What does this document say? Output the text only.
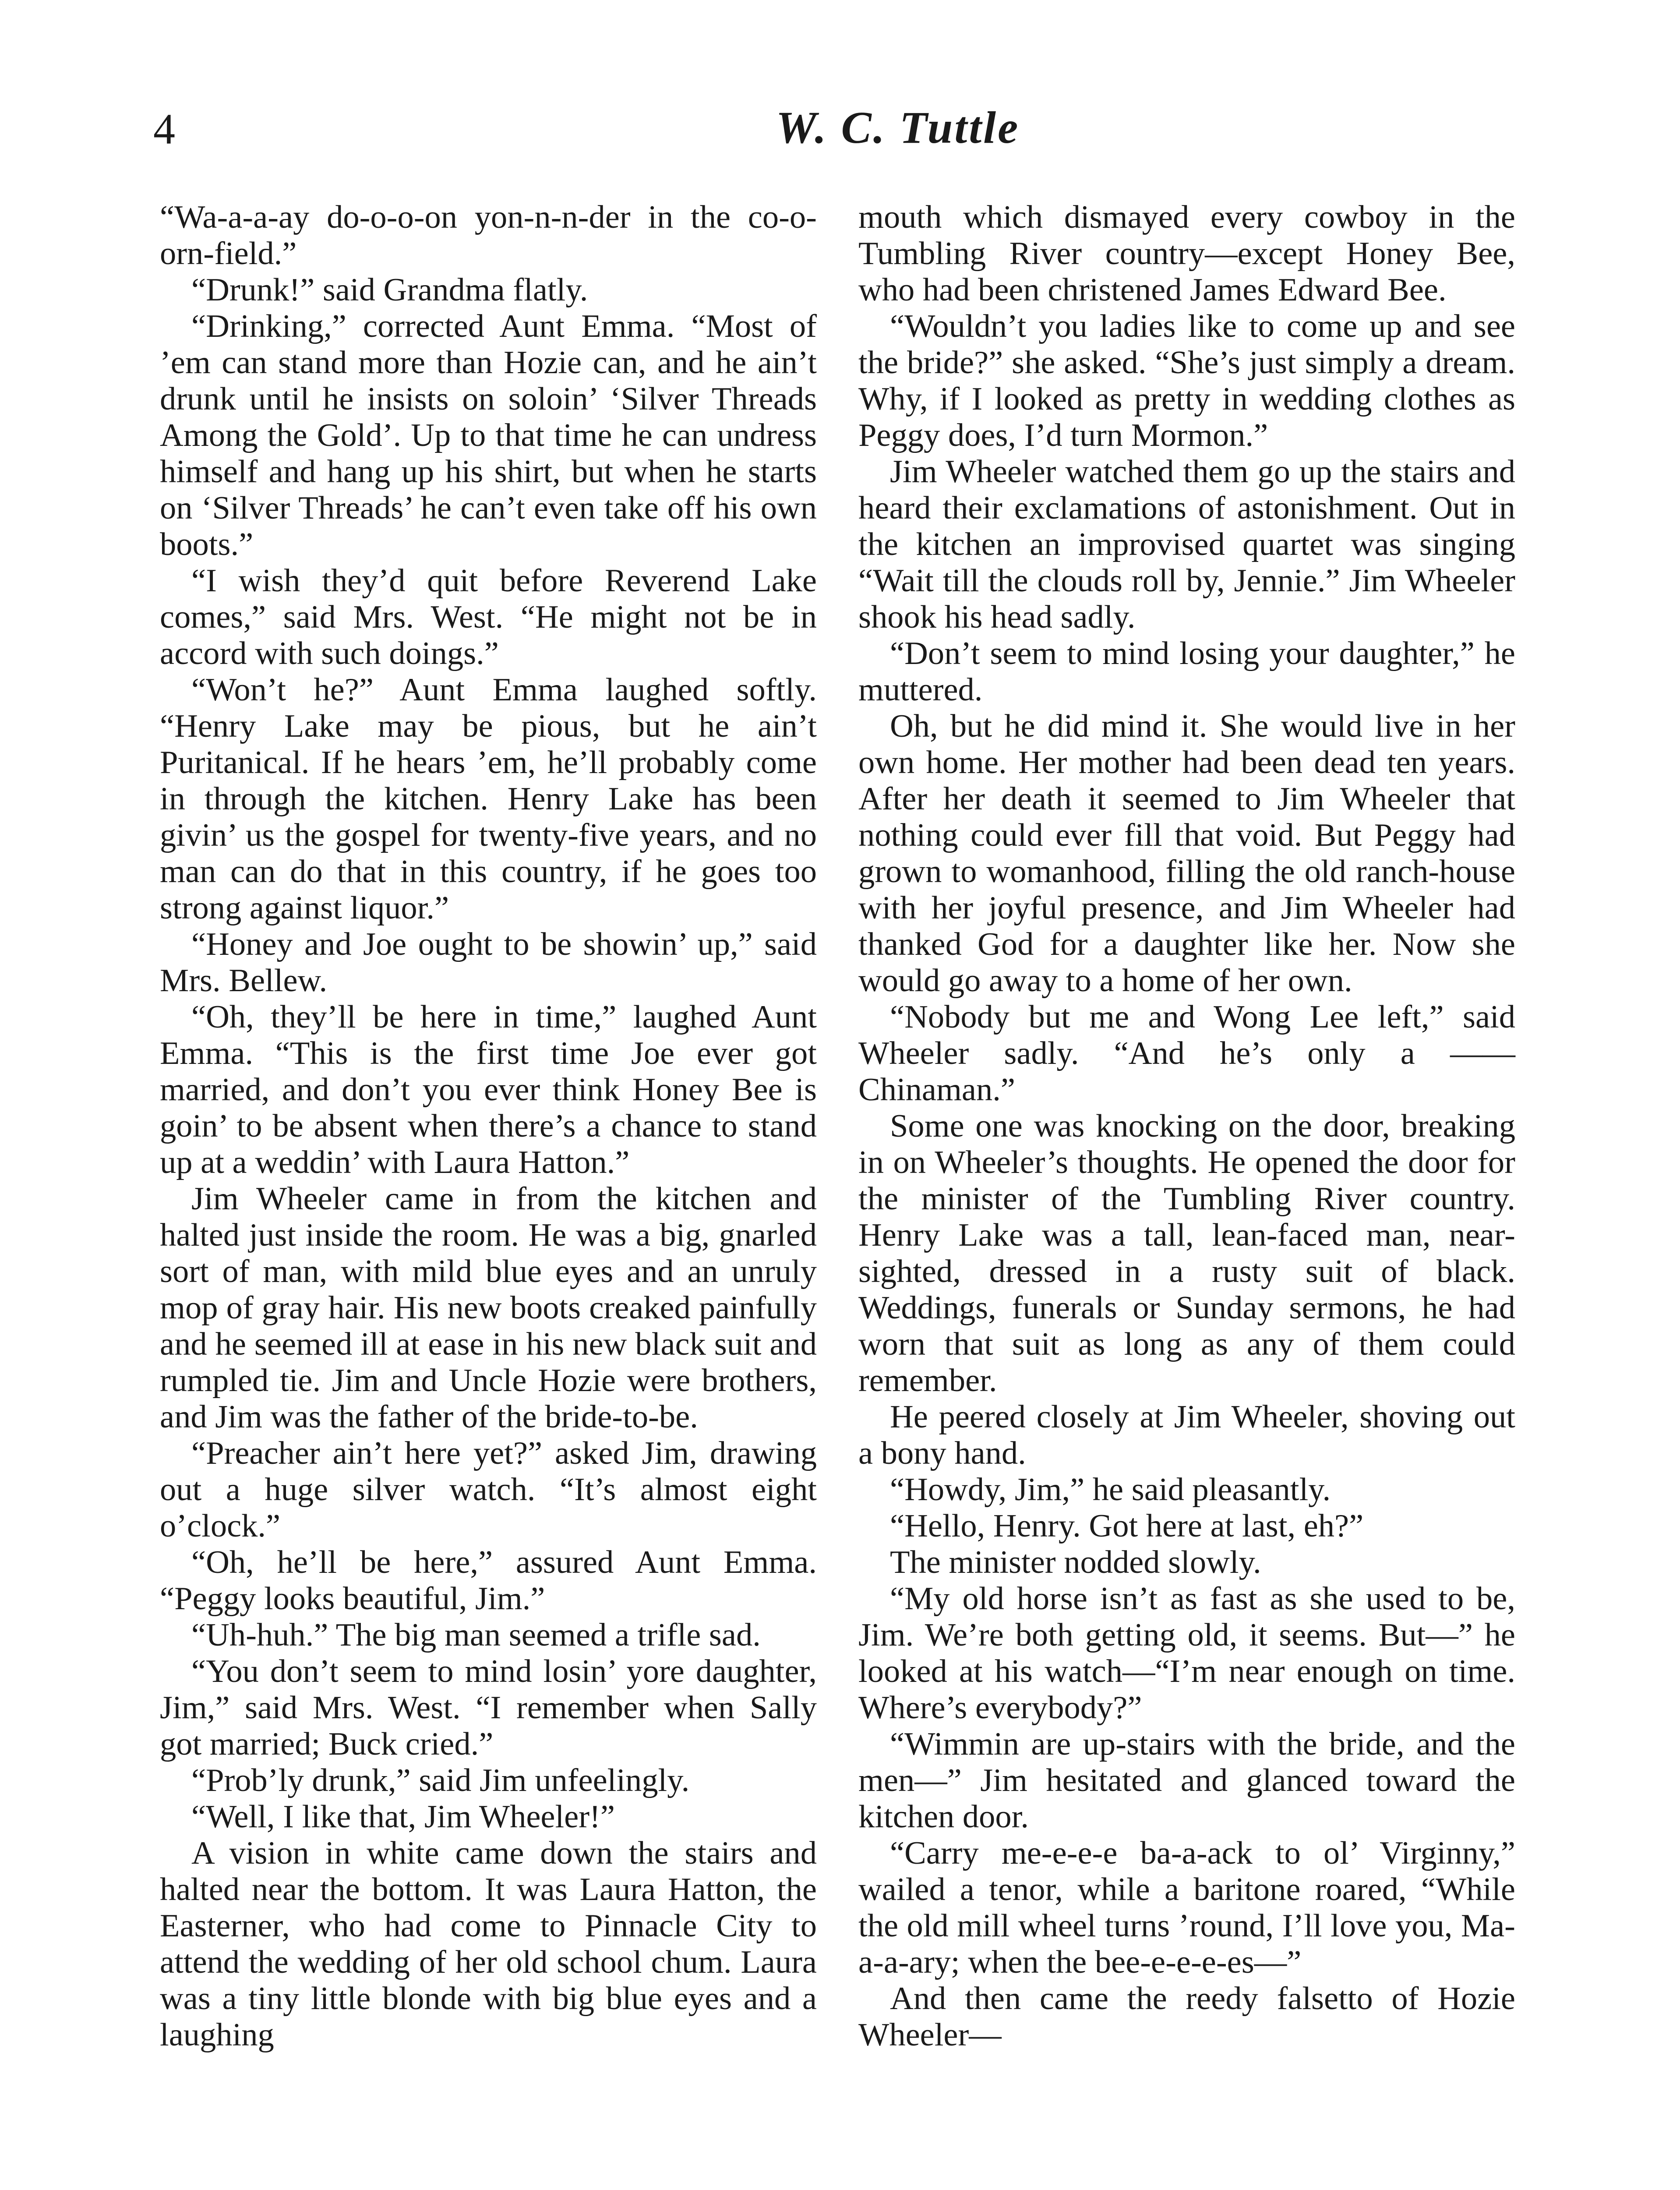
4	W. C. Tuttle

“Wa-a-a-ay do-o-o-on yon-n-n-der in the co-o-orn-field.”

“Drunk!” said Grandma flatly.

“Drinking,” corrected Aunt Emma. “Most of ’em can stand more than Hozie can, and he ain’t drunk until he insists on soloin’ ‘Silver Threads Among the Gold’. Up to that time he can undress himself and hang up his shirt, but when he starts on ‘Silver Threads’ he can’t even take off his own boots.”

“I wish they’d quit before Reverend Lake comes,” said Mrs. West. “He might not be in accord with such doings.”

“Won’t he?” Aunt Emma laughed softly. “Henry Lake may be pious, but he ain’t Puritanical. If he hears ’em, he’ll probably come in through the kitchen. Henry Lake has been givin’ us the gospel for twenty-five years, and no man can do that in this country, if he goes too strong against liquor.”

“Honey and Joe ought to be showin’ up,” said Mrs. Bellew.

“Oh, they’ll be here in time,” laughed Aunt Emma. “This is the first time Joe ever got married, and don’t you ever think Honey Bee is goin’ to be absent when there’s a chance to stand up at a weddin’ with Laura Hatton.”

Jim Wheeler came in from the kitchen and halted just inside the room. He was a big, gnarled sort of man, with mild blue eyes and an unruly mop of gray hair. His new boots creaked painfully and he seemed ill at ease in his new black suit and rumpled tie. Jim and Uncle Hozie were brothers, and Jim was the father of the bride-to-be.

“Preacher ain’t here yet?” asked Jim, drawing out a huge silver watch. “It’s almost eight o’clock.”

“Oh, he’ll be here,” assured Aunt Emma. “Peggy looks beautiful, Jim.”

“Uh-huh.” The big man seemed a trifle sad.

“You don’t seem to mind losin’ yore daughter, Jim,” said Mrs. West. “I remember when Sally got married; Buck cried.”

“Prob’ly drunk,” said Jim unfeelingly.

“Well, I like that, Jim Wheeler!”

A vision in white came down the stairs and halted near the bottom. It was Laura Hatton, the Easterner, who had come to Pinnacle City to attend the wedding of her old school chum. Laura was a tiny little blonde with big blue eyes and a laughing

mouth which dismayed every cowboy in the Tumbling River country—except Honey Bee, who had been christened James Edward Bee.

“Wouldn’t you ladies like to come up and see the bride?” she asked. “She’s just simply a dream. Why, if I looked as pretty in wedding clothes as Peggy does, I’d turn Mormon.”

Jim Wheeler watched them go up the stairs and heard their exclamations of astonishment. Out in the kitchen an improvised quartet was singing “Wait till the clouds roll by, Jennie.” Jim Wheeler shook his head sadly.

“Don’t seem to mind losing your daughter,” he muttered.

Oh, but he did mind it. She would live in her own home. Her mother had been dead ten years. After her death it seemed to Jim Wheeler that nothing could ever fill that void. But Peggy had grown to womanhood, filling the old ranch-house with her joyful presence, and Jim Wheeler had thanked God for a daughter like her. Now she would go away to a home of her own.

“Nobody but me and Wong Lee left,” said Wheeler sadly. “And he’s only a —— Chinaman.”

Some one was knocking on the door, breaking in on Wheeler’s thoughts. He opened the door for the minister of the Tumbling River country. Henry Lake was a tall, lean-faced man, near-sighted, dressed in a rusty suit of black. Weddings, funerals or Sunday sermons, he had worn that suit as long as any of them could remember.

He peered closely at Jim Wheeler, shoving out a bony hand.

“Howdy, Jim,” he said pleasantly.

“Hello, Henry. Got here at last, eh?”

The minister nodded slowly.

“My old horse isn’t as fast as she used to be, Jim. We’re both getting old, it seems. But—” he looked at his watch—“I’m near enough on time. Where’s everybody?”

“Wimmin are up-stairs with the bride, and the men—” Jim hesitated and glanced toward the kitchen door.

“Carry me-e-e-e ba-a-ack to ol’ Virginny,” wailed a tenor, while a baritone roared, “While the old mill wheel turns ’round, I’ll love you, Ma-a-a-ary; when the bee-e-e-e-es—”

And then came the reedy falsetto of Hozie Wheeler—
